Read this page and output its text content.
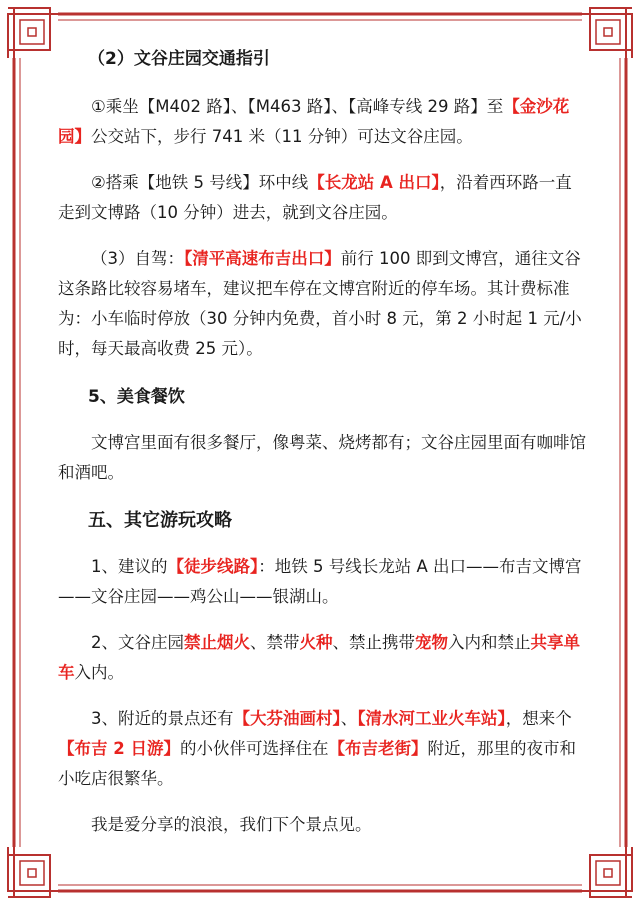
（2）文谷庄园交通指引

①乘坐【M402 路】、【M463 路】、【高峰专线 29 路】至【金沙花园】公交站下，步行 741 米（11 分钟）可达文谷庄园。

②搭乘【地铁 5 号线】环中线【长龙站 A 出口】，沿着西环路一直走到文博路（10 分钟）进去，就到文谷庄园。

（3）自驾：【清平高速布吉出口】前行 100 即到文博宫，通往文谷这条路比较容易堵车，建议把车停在文博宫附近的停车场。其计费标准为：小车临时停放（30 分钟内免费，首小时 8 元，第 2 小时起 1 元/小时，每天最高收费 25 元）。

5、美食餐饮

文博宫里面有很多餐厅，像粤菜、烧烤都有；文谷庄园里面有咖啡馆和酒吧。

五、其它游玩攻略

1、建议的【徒步线路】：地铁 5 号线长龙站 A 出口——布吉文博宫——文谷庄园——鸡公山——银湖山。

2、文谷庄园禁止烟火、禁带火种、禁止携带宠物入内和禁止共享单车入内。

3、附近的景点还有【大芬油画村】、【清水河工业火车站】，想来个【布吉 2 日游】的小伙伴可选择住在【布吉老街】附近，那里的夜市和小吃店很繁华。

我是爱分享的浪浪，我们下个景点见。
